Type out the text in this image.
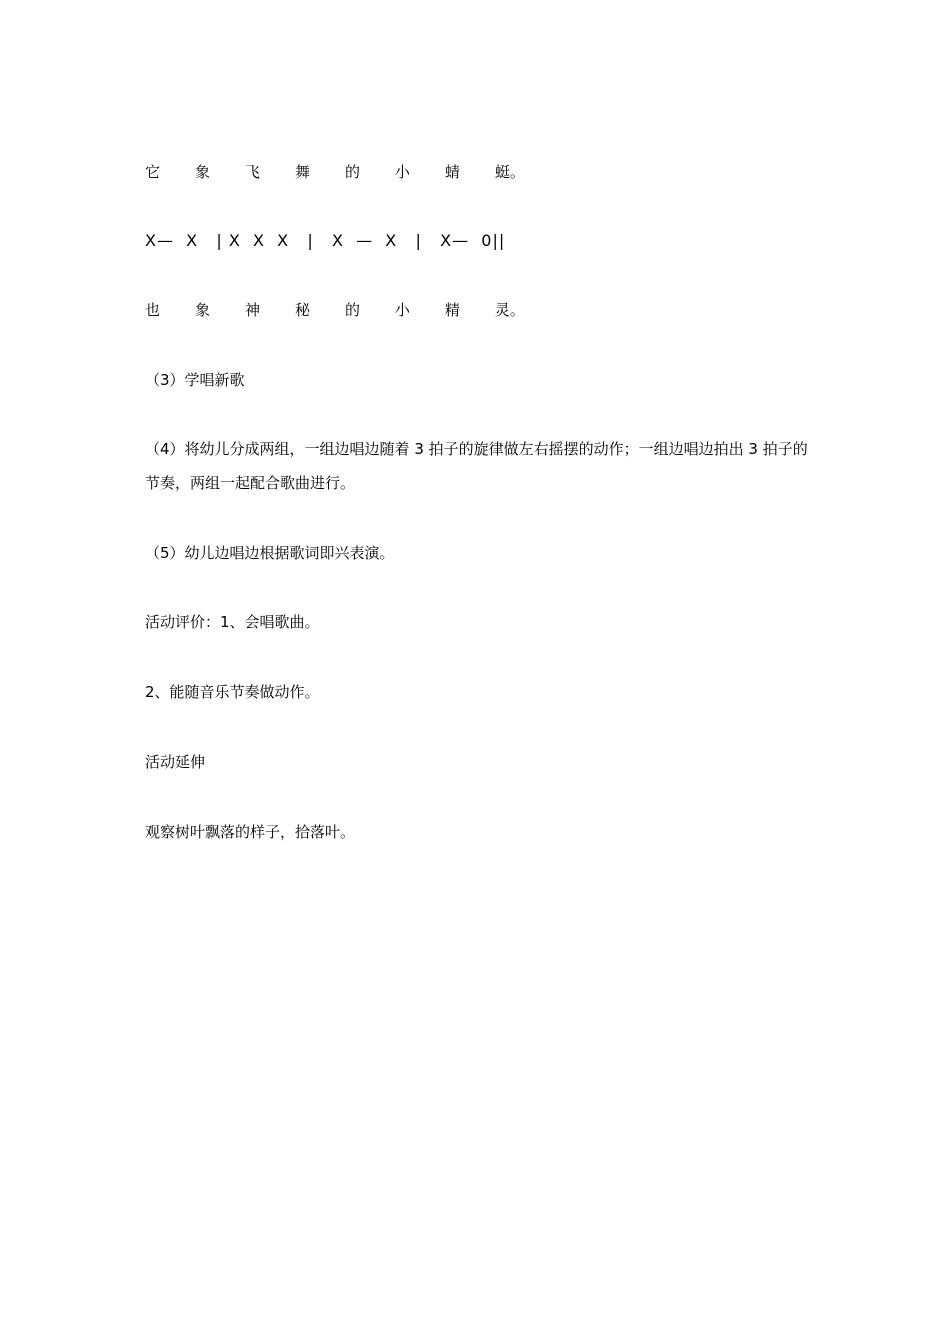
它 象 飞 舞 的 小 蜻 蜓。
X—  X   | X  X  X   |   X  —  X   |   X—  0||
也 象 神 秘 的 小 精 灵。
（3）学唱新歌
（4）将幼儿分成两组，一组边唱边随着 3 拍子的旋律做左右摇摆的动作；一组边唱边拍出 3 拍子的节奏，两组一起配合歌曲进行。
（5）幼儿边唱边根据歌词即兴表演。
活动评价：1、会唱歌曲。
2、能随音乐节奏做动作。
活动延伸
观察树叶飘落的样子，拾落叶。
